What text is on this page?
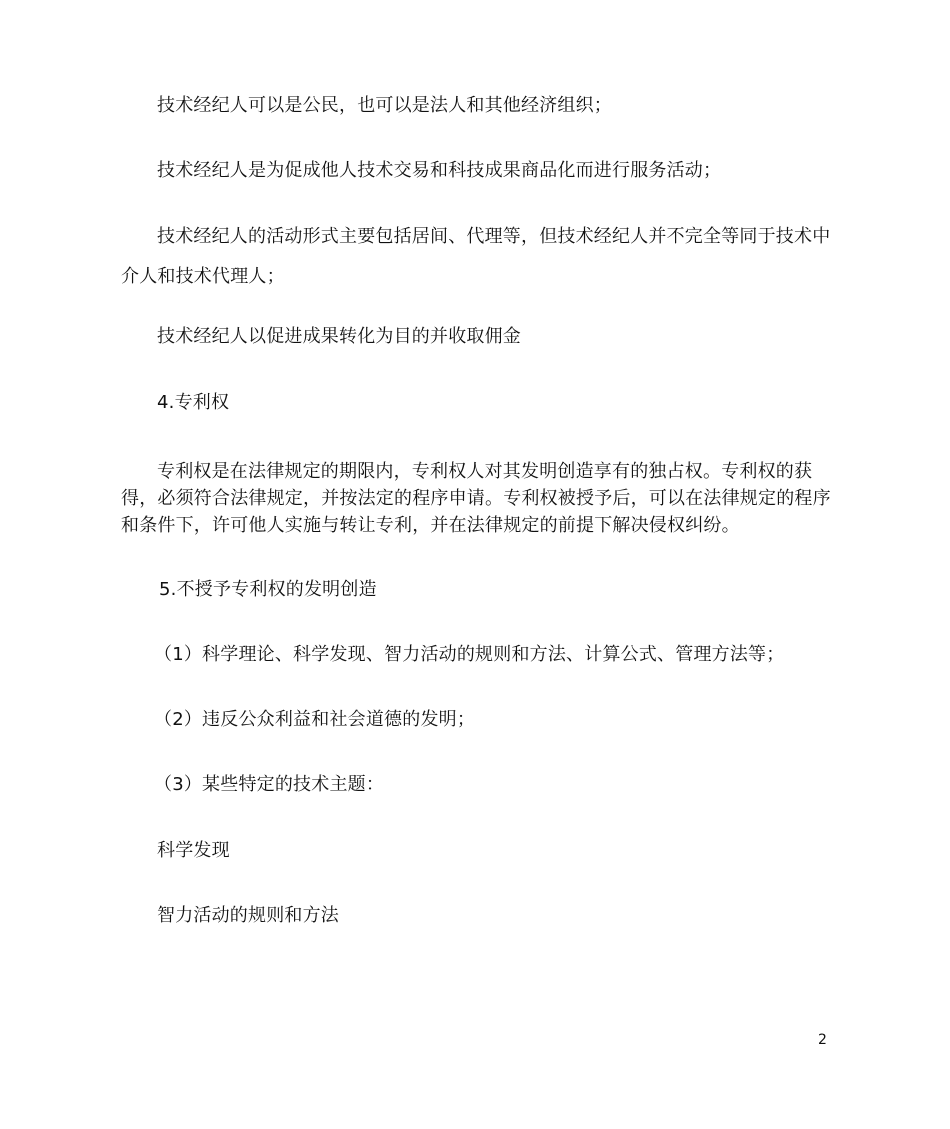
技术经纪人可以是公民，也可以是法人和其他经济组织；
技术经纪人是为促成他人技术交易和科技成果商品化而进行服务活动；
技术经纪人的活动形式主要包括居间、代理等，但技术经纪人并不完全等同于技术中介人和技术代理人；
技术经纪人以促进成果转化为目的并收取佣金
4.专利权
专利权是在法律规定的期限内，专利权人对其发明创造享有的独占权。专利权的获得，必须符合法律规定，并按法定的程序申请。专利权被授予后，可以在法律规定的程序和条件下，许可他人实施与转让专利，并在法律规定的前提下解决侵权纠纷。
5.不授予专利权的发明创造
（1）科学理论、科学发现、智力活动的规则和方法、计算公式、管理方法等；
（2）违反公众利益和社会道德的发明；
（3）某些特定的技术主题：
科学发现
智力活动的规则和方法
2
